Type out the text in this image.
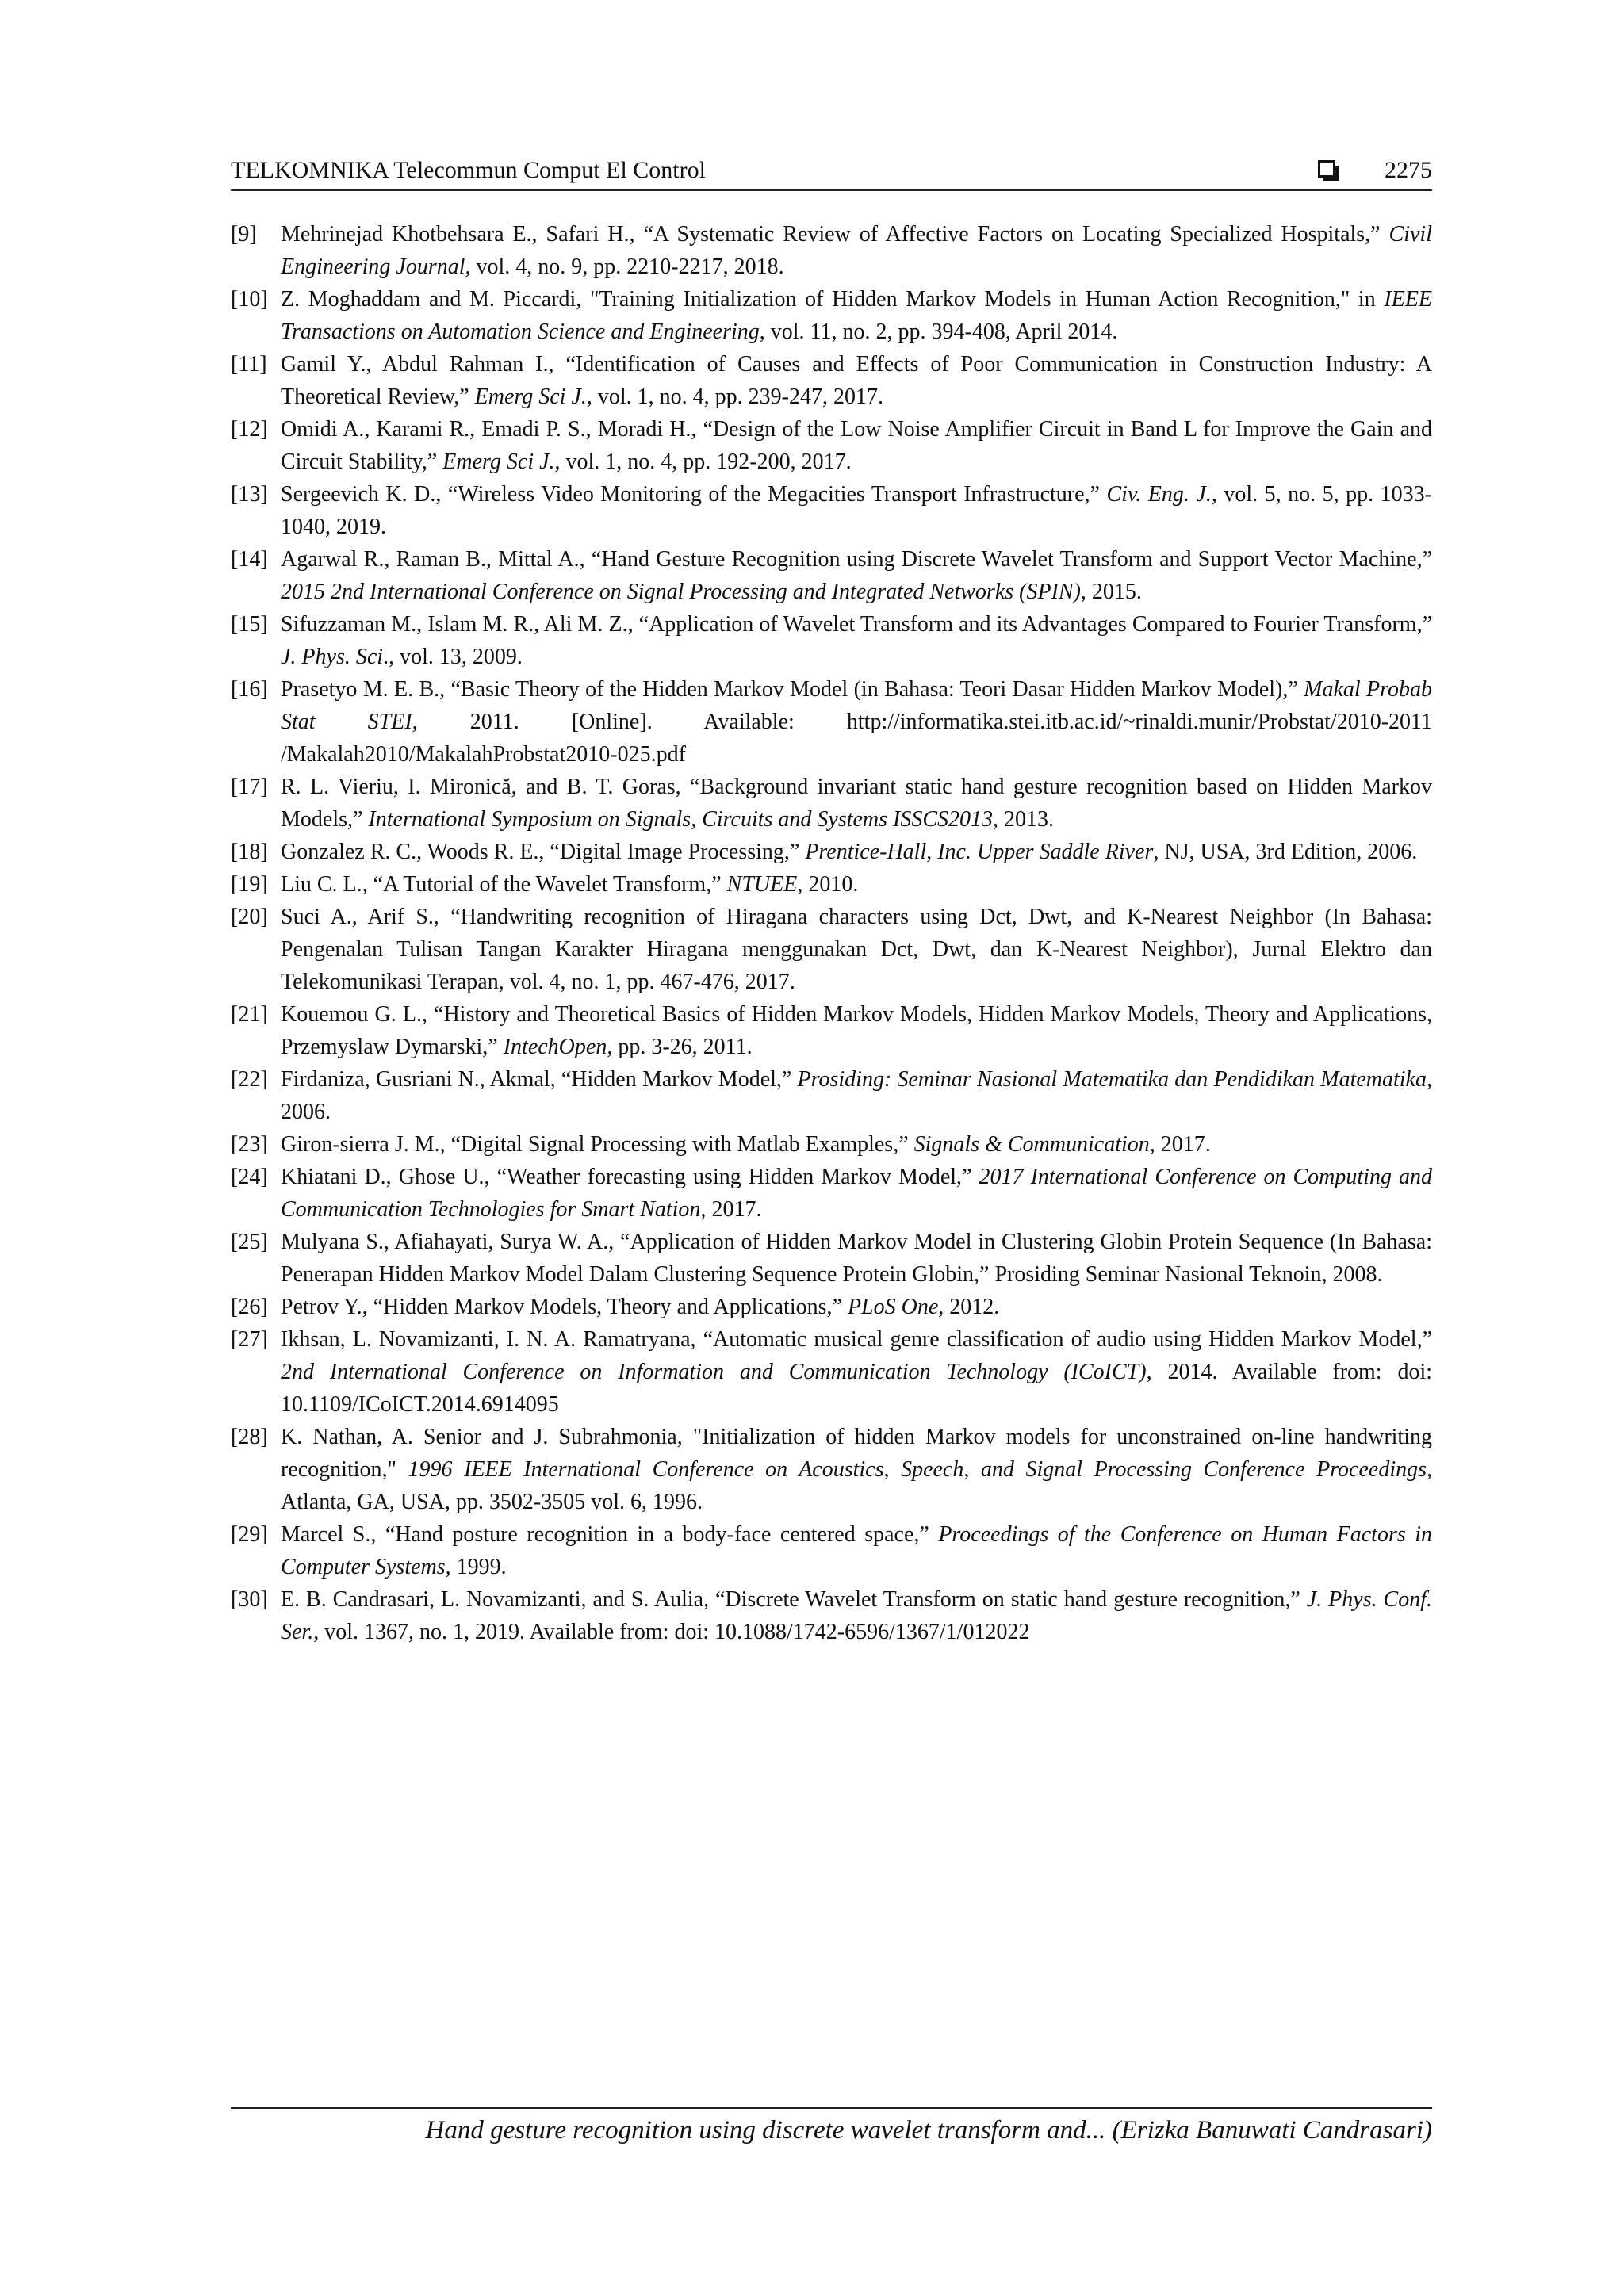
TELKOMNIKA Telecommun Comput El Control	2275
[9]	Mehrinejad Khotbehsara E., Safari H., “A Systematic Review of Affective Factors on Locating Specialized Hospitals,” Civil Engineering Journal, vol. 4, no. 9, pp. 2210-2217, 2018.
[10] Z. Moghaddam and M. Piccardi, "Training Initialization of Hidden Markov Models in Human Action Recognition," in IEEE Transactions on Automation Science and Engineering, vol. 11, no. 2, pp. 394-408, April 2014.
[11] Gamil Y., Abdul Rahman I., “Identification of Causes and Effects of Poor Communication in Construction Industry: A Theoretical Review,” Emerg Sci J., vol. 1, no. 4, pp. 239-247, 2017.
[12] Omidi A., Karami R., Emadi P. S., Moradi H., “Design of the Low Noise Amplifier Circuit in Band L for Improve the Gain and Circuit Stability,” Emerg Sci J., vol. 1, no. 4, pp. 192-200, 2017.
[13] Sergeevich K. D., “Wireless Video Monitoring of the Megacities Transport Infrastructure,” Civ. Eng. J., vol. 5, no. 5, pp. 1033-1040, 2019.
[14] Agarwal R., Raman B., Mittal A., “Hand Gesture Recognition using Discrete Wavelet Transform and Support Vector Machine,” 2015 2nd International Conference on Signal Processing and Integrated Networks (SPIN), 2015.
[15] Sifuzzaman M., Islam M. R., Ali M. Z., “Application of Wavelet Transform and its Advantages Compared to Fourier Transform,” J. Phys. Sci., vol. 13, 2009.
[16] Prasetyo M. E. B., “Basic Theory of the Hidden Markov Model (in Bahasa: Teori Dasar Hidden Markov Model),” Makal Probab Stat STEI, 2011. [Online]. Available: http://informatika.stei.itb.ac.id/~rinaldi.munir/Probstat/2010-2011 /Makalah2010/MakalahProbstat2010-025.pdf
[17] R. L. Vieriu, I. Mironică, and B. T. Goras, “Background invariant static hand gesture recognition based on Hidden Markov Models,” International Symposium on Signals, Circuits and Systems ISSCS2013, 2013.
[18] Gonzalez R. C., Woods R. E., “Digital Image Processing,” Prentice-Hall, Inc. Upper Saddle River, NJ, USA, 3rd Edition, 2006.
[19] Liu C. L., “A Tutorial of the Wavelet Transform,” NTUEE, 2010.
[20] Suci A., Arif S., “Handwriting recognition of Hiragana characters using Dct, Dwt, and K-Nearest Neighbor (In Bahasa: Pengenalan Tulisan Tangan Karakter Hiragana menggunakan Dct, Dwt, dan K-Nearest Neighbor), Jurnal Elektro dan Telekomunikasi Terapan, vol. 4, no. 1, pp. 467-476, 2017.
[21] Kouemou G. L., “History and Theoretical Basics of Hidden Markov Models, Hidden Markov Models, Theory and Applications, Przemyslaw Dymarski,” IntechOpen, pp. 3-26, 2011.
[22] Firdaniza, Gusriani N., Akmal, “Hidden Markov Model,” Prosiding: Seminar Nasional Matematika dan Pendidikan Matematika, 2006.
[23] Giron-sierra J. M., “Digital Signal Processing with Matlab Examples,” Signals & Communication, 2017.
[24] Khiatani D., Ghose U., “Weather forecasting using Hidden Markov Model,” 2017 International Conference on Computing and Communication Technologies for Smart Nation, 2017.
[25] Mulyana S., Afiahayati, Surya W. A., “Application of Hidden Markov Model in Clustering Globin Protein Sequence (In Bahasa: Penerapan Hidden Markov Model Dalam Clustering Sequence Protein Globin,” Prosiding Seminar Nasional Teknoin, 2008.
[26] Petrov Y., “Hidden Markov Models, Theory and Applications,” PLoS One, 2012.
[27] Ikhsan, L. Novamizanti, I. N. A. Ramatryana, “Automatic musical genre classification of audio using Hidden Markov Model,” 2nd International Conference on Information and Communication Technology (ICoICT), 2014. Available from: doi: 10.1109/ICoICT.2014.6914095
[28] K. Nathan, A. Senior and J. Subrahmonia, "Initialization of hidden Markov models for unconstrained on-line handwriting recognition," 1996 IEEE International Conference on Acoustics, Speech, and Signal Processing Conference Proceedings, Atlanta, GA, USA, pp. 3502-3505 vol. 6, 1996.
[29] Marcel S., “Hand posture recognition in a body-face centered space,” Proceedings of the Conference on Human Factors in Computer Systems, 1999.
[30] E. B. Candrasari, L. Novamizanti, and S. Aulia, “Discrete Wavelet Transform on static hand gesture recognition,” J. Phys. Conf. Ser., vol. 1367, no. 1, 2019. Available from: doi: 10.1088/1742-6596/1367/1/012022
Hand gesture recognition using discrete wavelet transform and... (Erizka Banuwati Candrasari)
